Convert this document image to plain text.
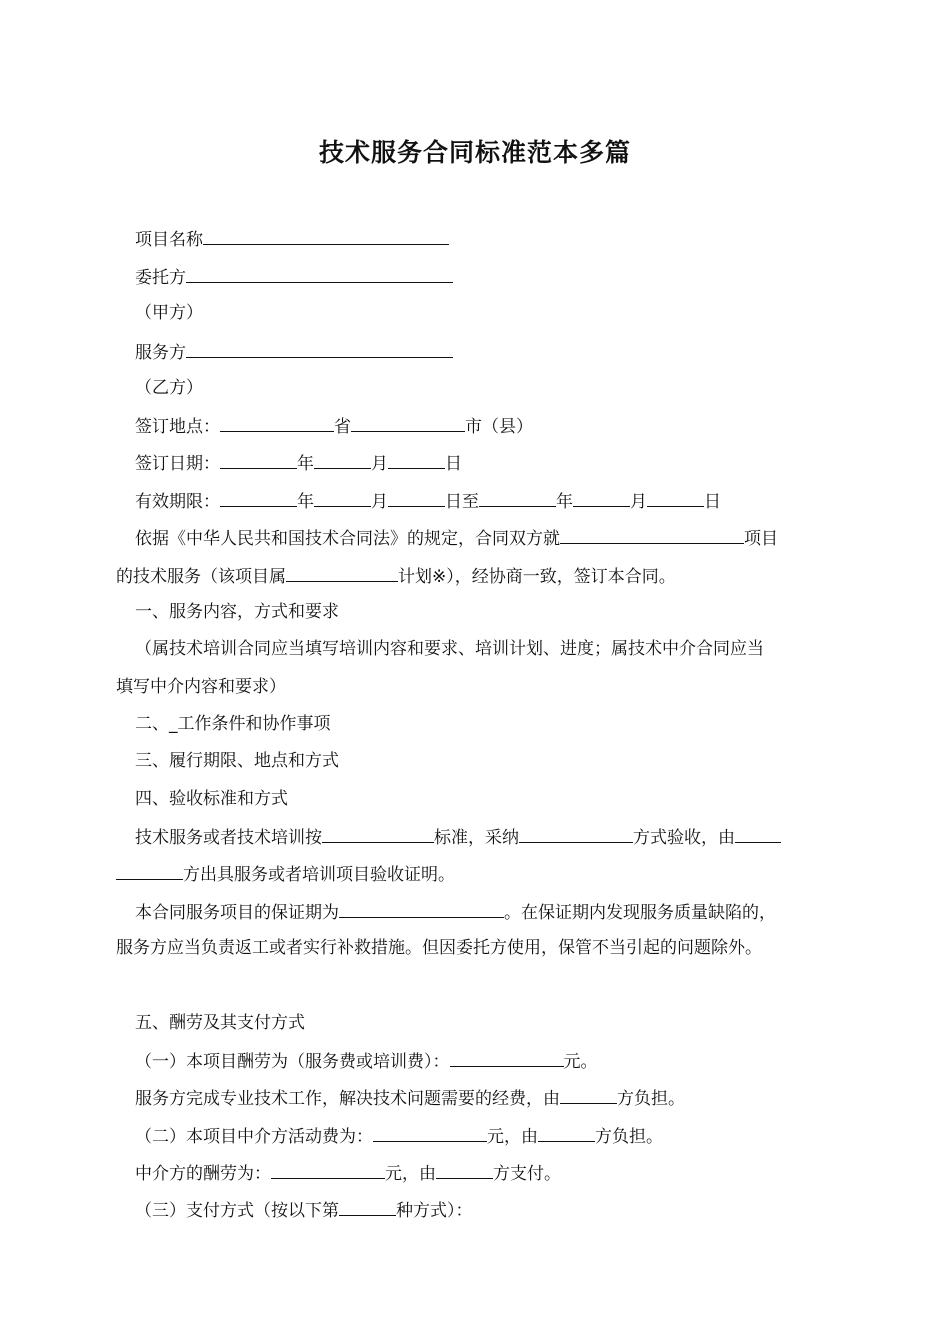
技术服务合同标准范本多篇

项目名称

委托方

（甲方）

服务方

（乙方）

签订地点：	省	市（县）

签订日期：	年	月	日

有效期限：	年	月	日至	年	月	日

依据《中华人民共和国技术合同法》的规定，合同双方就	项目

的技术服务（该项目属	计划※），经协商一致，签订本合同。

一、服务内容，方式和要求

（属技术培训合同应当填写培训内容和要求、培训计划、进度；属技术中介合同应当

填写中介内容和要求）

二、_工作条件和协作事项

三、履行期限、地点和方式

四、验收标准和方式

技术服务或者技术培训按	标准，采纳	方式验收，由

方出具服务或者培训项目验收证明。

本合同服务项目的保证期为	。在保证期内发现服务质量缺陷的，

服务方应当负责返工或者实行补救措施。但因委托方使用，保管不当引起的问题除外。

五、酬劳及其支付方式

（一）本项目酬劳为（服务费或培训费）：	元。

服务方完成专业技术工作，解决技术问题需要的经费，由	方负担。

（二）本项目中介方活动费为：	元，由	方负担。

中介方的酬劳为：	元，由	方支付。

（三）支付方式（按以下第	种方式）：
